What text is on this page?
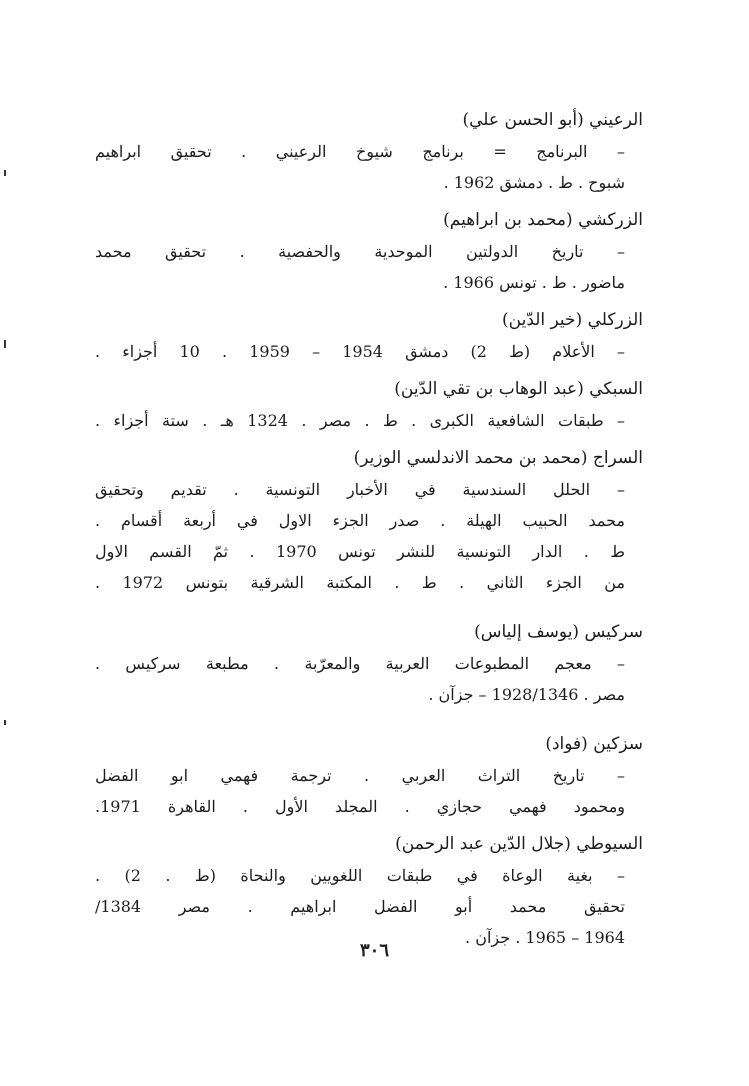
الرعيني (أبو الحسن علي)
– البرنامج = برنامج شيوخ الرعيني . تحقيق ابراهيم
شبوح . ط . دمشق 1962 .
الزركشي (محمد بن ابراهيم)
– تاريخ الدولتين الموحدية والحفصية . تحقيق محمد
ماضور . ط . تونس 1966 .
الزركلي (خير الدّين)
– الأعلام (ط 2) دمشق 1954 – 1959 . 10 أجزاء .
السبكي (عبد الوهاب بن تقي الدّين)
– طبقات الشافعية الكبرى . ط . مصر . 1324 هـ . ستة أجزاء .
السراج (محمد بن محمد الاندلسي الوزير)
– الحلل السندسية في الأخبار التونسية . تقديم وتحقيق
محمد الحبيب الهيلة . صدر الجزء الاول في أربعة أقسام .
ط . الدار التونسية للنشر تونس 1970 . ثمّ القسم الاول
من الجزء الثاني . ط . المكتبة الشرقية بتونس 1972 .
سركيس (يوسف إلياس)
– معجم المطبوعات العربية والمعرّبة . مطبعة سركيس .
مصر . 1928/1346 – جزآن .
سزكين (فواد)
– تاريخ التراث العربي . ترجمة فهمي ابو الفضل
ومحمود فهمي حجازي . المجلد الأول . القاهرة 1971.
السيوطي (جلال الدّين عبد الرحمن)
– بغية الوعاة في طبقات اللغويين والنحاة (ط . 2) .
تحقيق محمد أبو الفضل ابراهيم . مصر 1384/
1964 – 1965 . جزآن .
٣٠٦
